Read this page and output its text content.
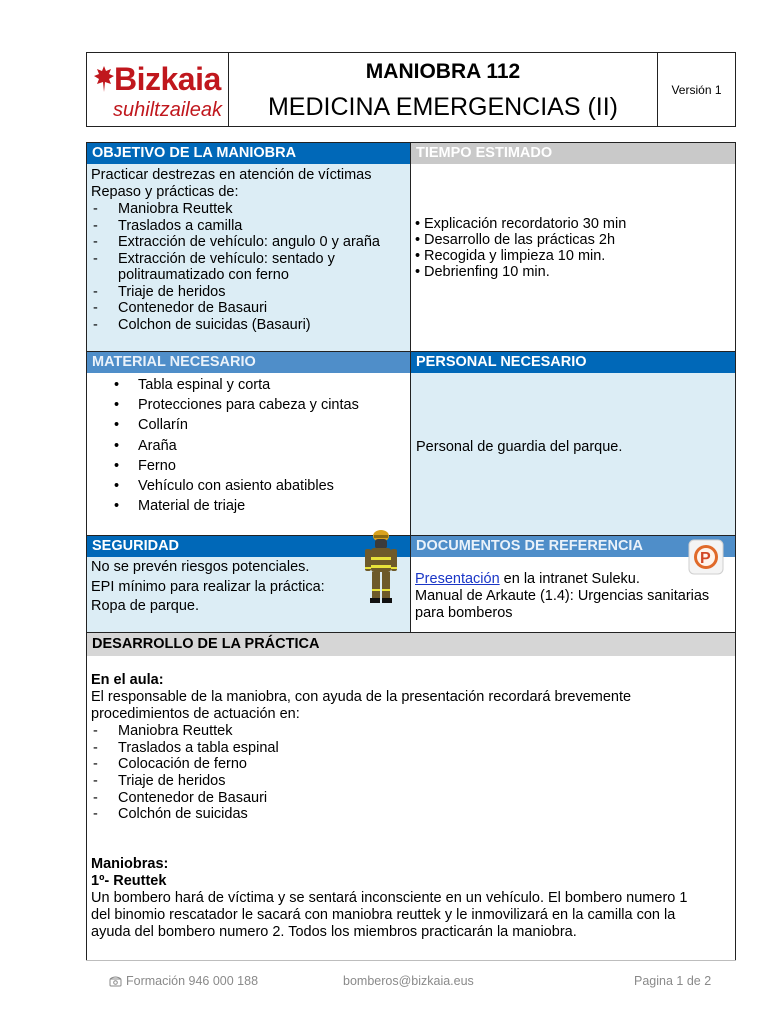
Bizkaia
suhiltzaileak
MANIOBRA 112
MEDICINA EMERGENCIAS (II)
Versión 1
OBJETIVO DE LA MANIOBRA	TIEMPO ESTIMADO
Practicar destrezas en atención de víctimas
Repaso y prácticas de:
- Maniobra Reuttek
- Traslados a camilla
- Extracción de vehículo: angulo 0 y araña
- Extracción de vehículo: sentado y politraumatizado con ferno
- Triaje de heridos
- Contenedor de Basauri
- Colchon de suicidas (Basauri)
• Explicación recordatorio 30 min
• Desarrollo de las prácticas 2h
• Recogida y limpieza 10 min.
• Debrienfing 10 min.
MATERIAL NECESARIO	PERSONAL NECESARIO
• Tabla espinal y corta
• Protecciones para cabeza y cintas
• Collarín
• Araña
• Ferno
• Vehículo con asiento abatibles
• Material de triaje
Personal de guardia del parque.
SEGURIDAD	DOCUMENTOS DE REFERENCIA
No se prevén riesgos potenciales.
EPI mínimo para realizar la práctica:
Ropa de parque.
Presentación en la intranet Suleku.
Manual de Arkaute (1.4): Urgencias sanitarias
para bomberos
P
DESARROLLO DE LA PRÁCTICA
En el aula:
El responsable de la maniobra, con ayuda de la presentación recordará brevemente
procedimientos de actuación en:
- Maniobra Reuttek
- Traslados a tabla espinal
- Colocación de ferno
- Triaje de heridos
- Contenedor de Basauri
- Colchón de suicidas
Maniobras:
1º- Reuttek
Un bombero hará de víctima y se sentará inconsciente en un vehículo. El bombero numero 1
del binomio rescatador le sacará con maniobra reuttek y le inmovilizará en la camilla con la
ayuda del bombero numero 2. Todos los miembros practicarán la maniobra.
Formación 946 000 188	bomberos@bizkaia.eus	Pagina 1 de 2
